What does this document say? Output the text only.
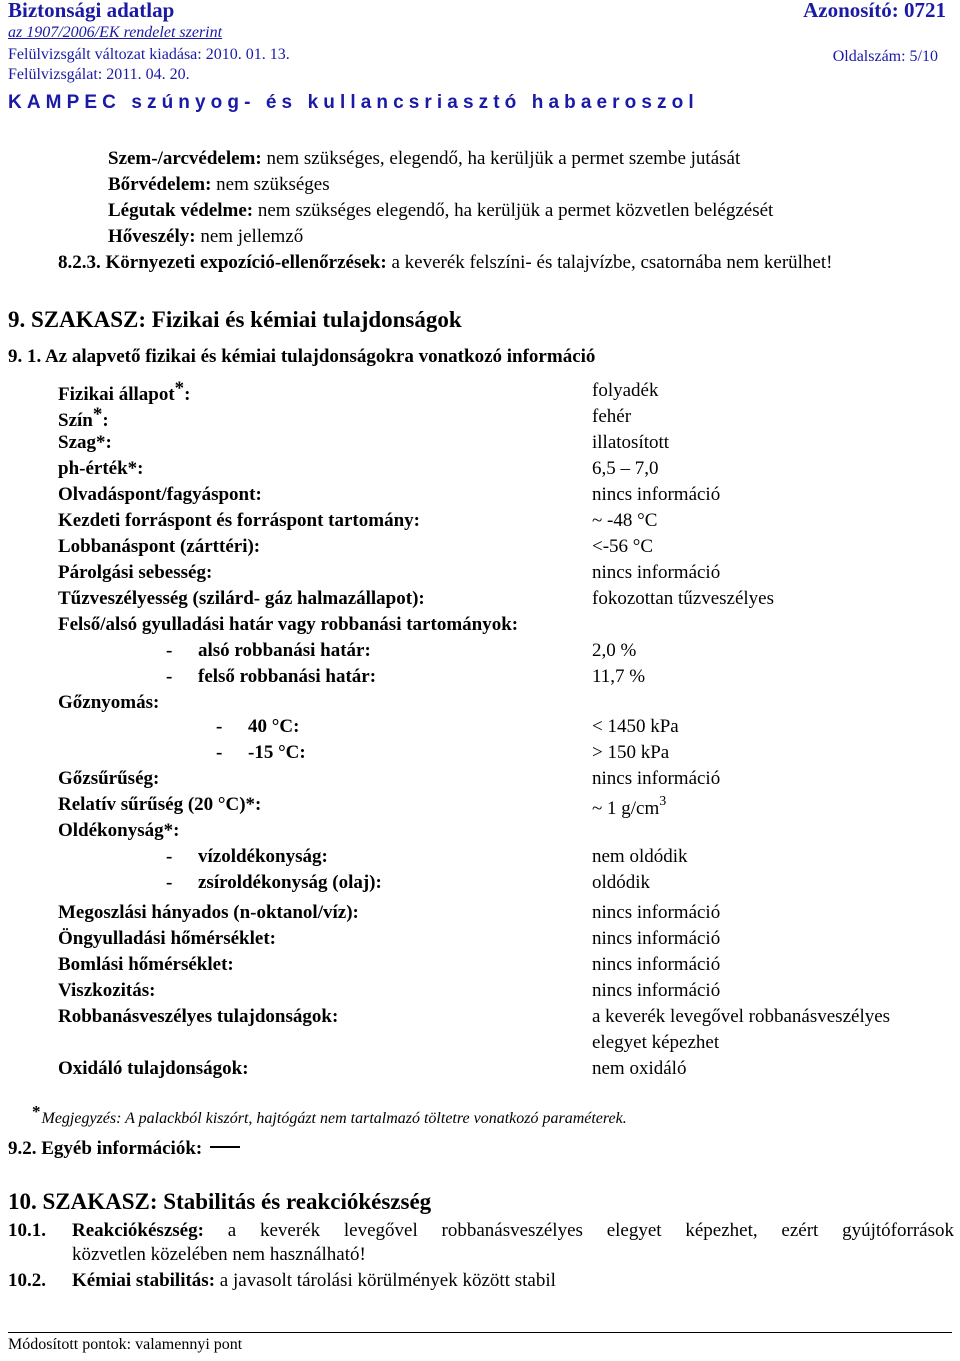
Biztonsági adatlap	Azonosító: 0721
az 1907/2006/EK rendelet szerint
Felülvizsgált változat kiadása: 2010. 01. 13.	Oldalszám: 5/10
Felülvizsgálat: 2011. 04. 20.
KAMPEC szúnyog- és kullancsriasztó habaeroszol
Szem-/arcvédelem: nem szükséges, elegendő, ha kerüljük a permet szembe jutását
Bőrvédelem: nem szükséges
Légutak védelme: nem szükséges elegendő, ha kerüljük a permet közvetlen belégzését
Hőveszély: nem jellemző
8.2.3. Környezeti expozíció-ellenőrzések: a keverék felszíni- és talajvízbe, csatornába nem kerülhet!
9. SZAKASZ: Fizikai és kémiai tulajdonságok
9. 1. Az alapvető fizikai és kémiai tulajdonságokra vonatkozó információ
Fizikai állapot*:	folyadék
Szín*:	fehér
Szag*:	illatosított
ph-érték*:	6,5 – 7,0
Olvadáspont/fagyáspont:	nincs információ
Kezdeti forráspont és forráspont tartomány:	~ -48 °C
Lobbanáspont (zárttéri):	<-56 °C
Párolgási sebesség:	nincs információ
Tűzveszélyesség (szilárd- gáz halmazállapot):	fokozottan tűzveszélyes
Felső/alsó gyulladási határ vagy robbanási tartományok:
- alsó robbanási határ:	2,0 %
- felső robbanási határ:	11,7 %
Gőznyomás:
- 40 °C:	< 1450 kPa
- -15 °C:	> 150 kPa
Gőzsűrűség:	nincs információ
Relatív sűrűség (20 °C)*:	~ 1 $g/cm^3$
Oldékonyság*:
- vízoldékonyság:	nem oldódik
- zsíroldékonyság (olaj):	oldódik
Megoszlási hányados (n-oktanol/víz):	nincs információ
Öngyulladási hőmérséklet:	nincs információ
Bomlási hőmérséklet:	nincs információ
Viszkozitás:	nincs információ
Robbanásveszélyes tulajdonságok:	a keverék levegővel robbanásveszélyes
elegyet képezhet
Oxidáló tulajdonságok:	nem oxidáló
*Megjegyzés: A palackból kiszórt, hajtógázt nem tartalmazó töltetre vonatkozó paraméterek.
9.2. Egyéb információk:
10. SZAKASZ: Stabilitás és reakciókészség
10.1. Reakciókészség: a keverék levegővel robbanásveszélyes elegyet képezhet, ezért gyújtóforrások
közvetlen közelében nem használható!
10.2. Kémiai stabilitás: a javasolt tárolási körülmények között stabil
Módosított pontok: valamennyi pont
